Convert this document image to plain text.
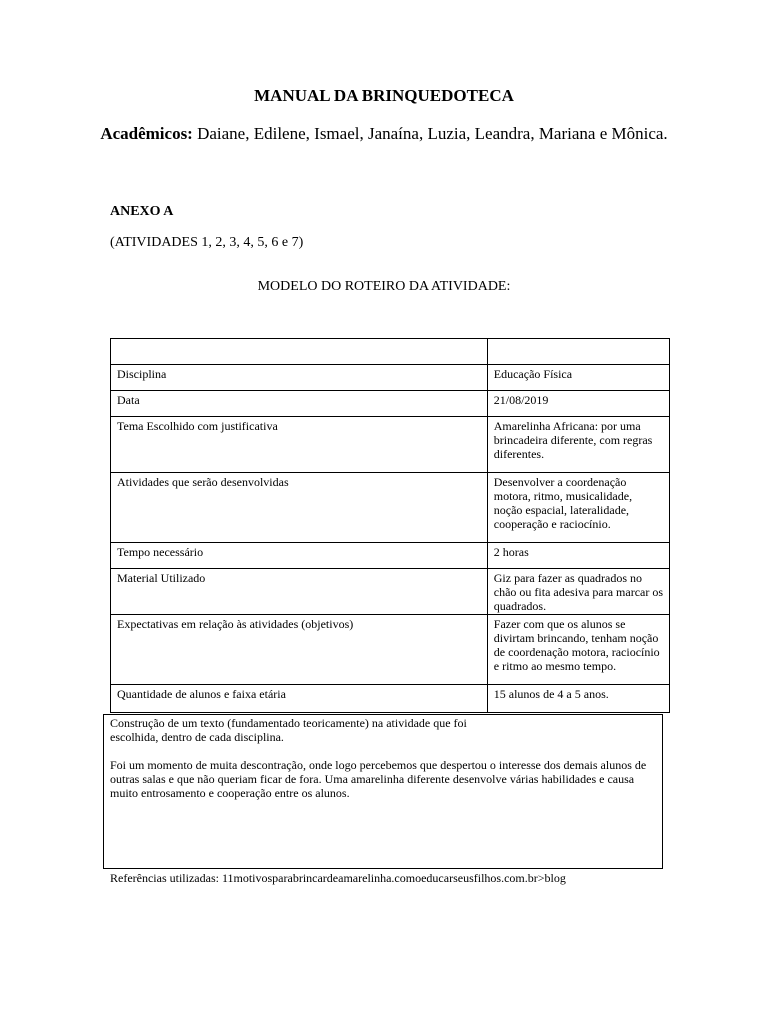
MANUAL DA BRINQUEDOTECA
Acadêmicos: Daiane, Edilene, Ismael, Janaína, Luzia, Leandra, Mariana e Mônica.
ANEXO A
(ATIVIDADES 1, 2, 3, 4, 5, 6 e 7)
MODELO DO ROTEIRO DA ATIVIDADE:

Disciplina	Educação Física
Data	21/08/2019
Tema Escolhido com justificativa	Amarelinha Africana: por uma brincadeira diferente, com regras diferentes.
Atividades que serão desenvolvidas	Desenvolver a coordenação motora, ritmo, musicalidade, noção espacial, lateralidade, cooperação e raciocínio.
Tempo necessário	2 horas
Material Utilizado	Giz para fazer as quadrados no chão ou fita adesiva para marcar os quadrados.
Expectativas em relação às atividades (objetivos)	Fazer com que os alunos se divirtam brincando, tenham noção de coordenação motora, raciocínio e ritmo ao mesmo tempo.
Quantidade de alunos e faixa etária	15 alunos de 4 a 5 anos.

Construção de um texto (fundamentado teoricamente) na atividade que foi escolhida, dentro de cada disciplina.

Foi um momento de muita descontração, onde logo percebemos que despertou o interesse dos demais alunos de outras salas e que não queriam ficar de fora. Uma amarelinha diferente desenvolve várias habilidades e causa muito entrosamento e cooperação entre os alunos.

Referências utilizadas: 11motivosparabrincardeamarelinha.comoeducarseusfilhos.com.br>blog
